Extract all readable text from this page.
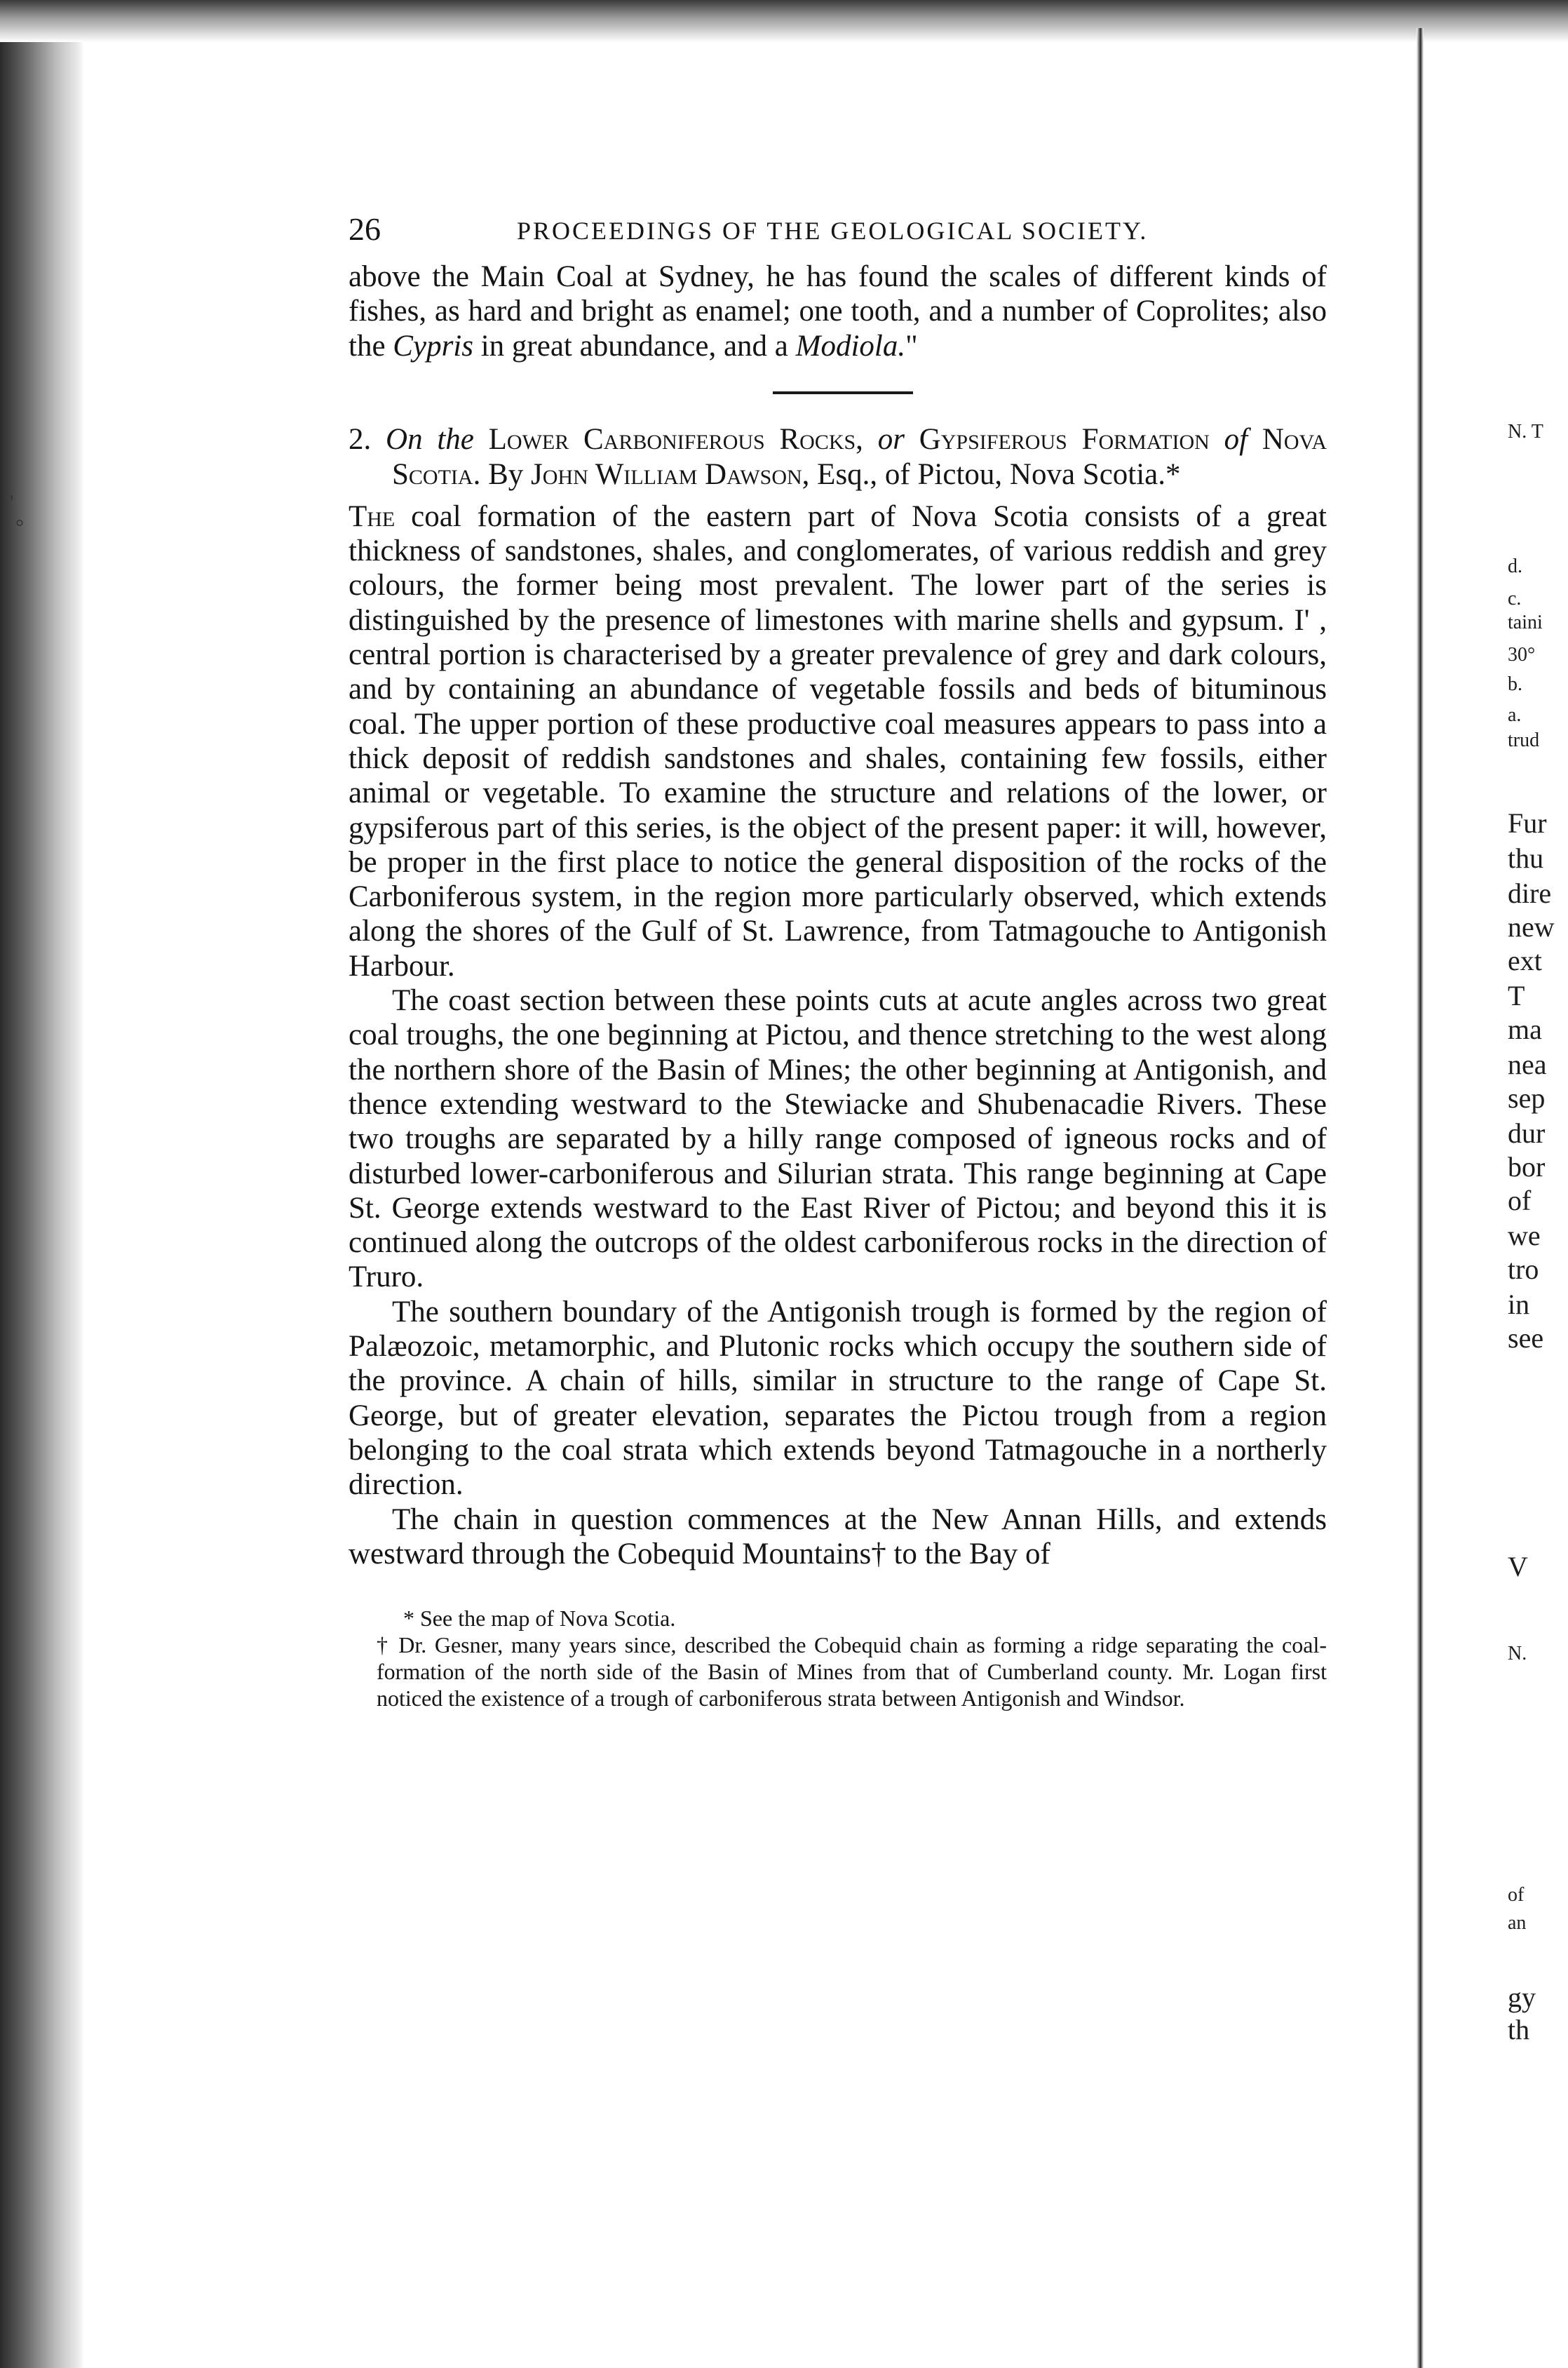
'
°
26	PROCEEDINGS OF THE GEOLOGICAL SOCIETY.

above the Main Coal at Sydney, he has found the scales of different kinds of fishes, as hard and bright as enamel; one tooth, and a number of Coprolites; also the Cypris in great abundance, and a Modiola."

2. On the Lower Carboniferous Rocks, or Gypsiferous Formation of Nova Scotia. By John William Dawson, Esq., of Pictou, Nova Scotia.*

The coal formation of the eastern part of Nova Scotia consists of a great thickness of sandstones, shales, and conglomerates, of various reddish and grey colours, the former being most prevalent. The lower part of the series is distinguished by the presence of limestones with marine shells and gypsum. I' , central portion is characterised by a greater prevalence of grey and dark colours, and by containing an abundance of vegetable fossils and beds of bituminous coal. The upper portion of these productive coal measures appears to pass into a thick deposit of reddish sandstones and shales, containing few fossils, either animal or vegetable. To examine the structure and relations of the lower, or gypsiferous part of this series, is the object of the present paper: it will, however, be proper in the first place to notice the general disposition of the rocks of the Carboniferous system, in the region more particularly observed, which extends along the shores of the Gulf of St. Lawrence, from Tatmagouche to Antigonish Harbour.

The coast section between these points cuts at acute angles across two great coal troughs, the one beginning at Pictou, and thence stretching to the west along the northern shore of the Basin of Mines; the other beginning at Antigonish, and thence extending westward to the Stewiacke and Shubenacadie Rivers. These two troughs are separated by a hilly range composed of igneous rocks and of disturbed lower-carboniferous and Silurian strata. This range beginning at Cape St. George extends westward to the East River of Pictou; and beyond this it is continued along the outcrops of the oldest carboniferous rocks in the direction of Truro.

The southern boundary of the Antigonish trough is formed by the region of Palæozoic, metamorphic, and Plutonic rocks which occupy the southern side of the province. A chain of hills, similar in structure to the range of Cape St. George, but of greater elevation, separates the Pictou trough from a region belonging to the coal strata which extends beyond Tatmagouche in a northerly direction.

The chain in question commences at the New Annan Hills, and extends westward through the Cobequid Mountains† to the Bay of

* See the map of Nova Scotia.

† Dr. Gesner, many years since, described the Cobequid chain as forming a ridge separating the coal-formation of the north side of the Basin of Mines from that of Cumberland county. Mr. Logan first noticed the existence of a trough of carboniferous strata between Antigonish and Windsor.

N. T
d.
c.
taini
30°
b.
a.
trud
Fur
thu
dire
new
ext
T
ma
nea
sep
dur
bor
of
we
tro
in
see
V
N.
of
an
gy
th
